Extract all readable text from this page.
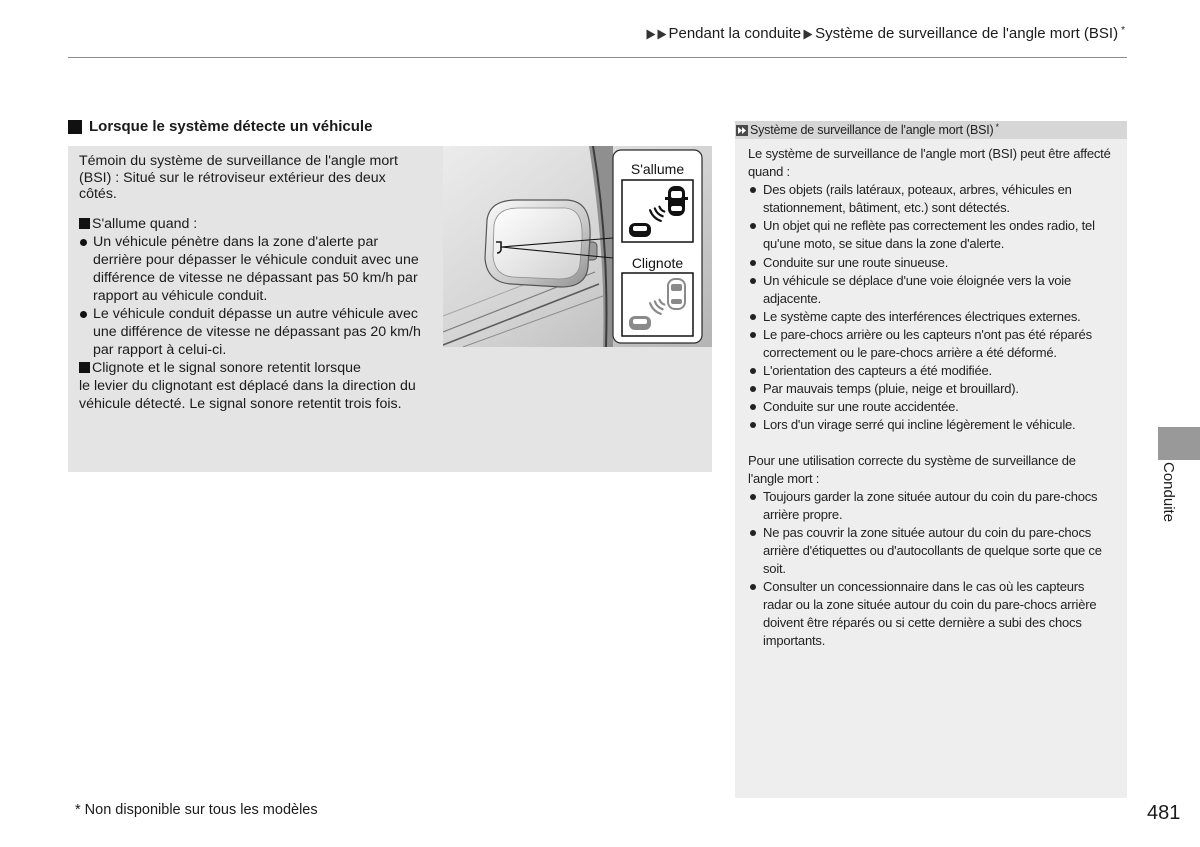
Pendant la conduite Système de surveillance de l'angle mort (BSI) *
Lorsque le système détecte un véhicule

Témoin du système de surveillance de l'angle mort (BSI) : Situé sur le rétroviseur extérieur des deux côtés.

S'allume quand :
Un véhicule pénètre dans la zone d'alerte par derrière pour dépasser le véhicule conduit avec une différence de vitesse ne dépassant pas 50 km/h par rapport au véhicule conduit.
Le véhicule conduit dépasse un autre véhicule avec une différence de vitesse ne dépassant pas 20 km/h par rapport à celui-ci.
Clignote et le signal sonore retentit lorsque

le levier du clignotant est déplacé dans la direction du véhicule détecté. Le signal sonore retentit trois fois.

S'allume
Clignote
Système de surveillance de l'angle mort (BSI) *

Le système de surveillance de l'angle mort (BSI) peut être affecté quand :

Des objets (rails latéraux, poteaux, arbres, véhicules en stationnement, bâtiment, etc.) sont détectés.
Un objet qui ne reflète pas correctement les ondes radio, tel qu'une moto, se situe dans la zone d'alerte.
Conduite sur une route sinueuse.
Un véhicule se déplace d'une voie éloignée vers la voie adjacente.
Le système capte des interférences électriques externes.
Le pare-chocs arrière ou les capteurs n'ont pas été réparés correctement ou le pare-chocs arrière a été déformé.
L'orientation des capteurs a été modifiée.
Par mauvais temps (pluie, neige et brouillard).
Conduite sur une route accidentée.
Lors d'un virage serré qui incline légèrement le véhicule.

Pour une utilisation correcte du système de surveillance de l'angle mort :

Toujours garder la zone située autour du coin du pare-chocs arrière propre.
Ne pas couvrir la zone située autour du coin du pare-chocs arrière d'étiquettes ou d'autocollants de quelque sorte que ce soit.
Consulter un concessionnaire dans le cas où les capteurs radar ou la zone située autour du coin du pare-chocs arrière doivent être réparés ou si cette dernière a subi des chocs importants.
Conduite
* Non disponible sur tous les modèles	481
